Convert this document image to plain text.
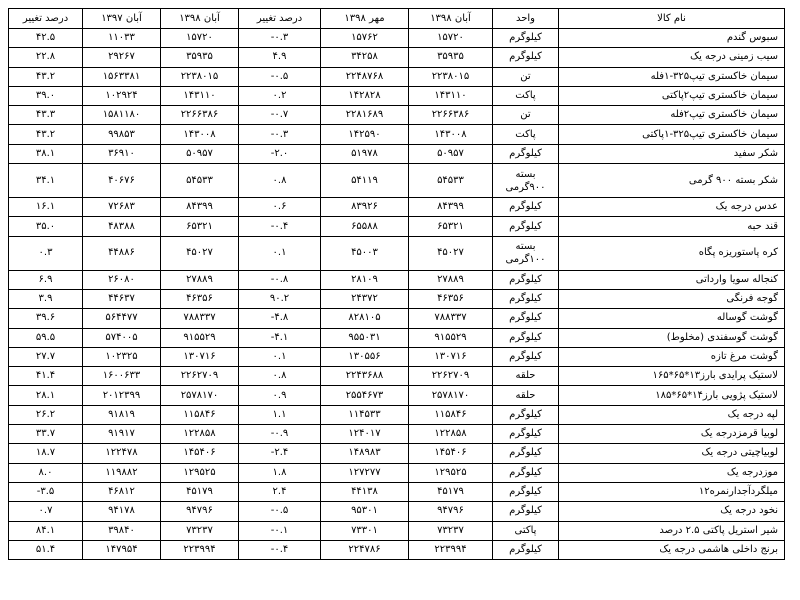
درصد تغییر	آبان ۱۳۹۷	آبان ۱۳۹۸	درصد تغییر	مهر ۱۳۹۸	آبان ۱۳۹۸	واحد	نام کالا
۴۲.۵	۱۱۰۳۳	۱۵۷۲۰	-۰.۳	۱۵۷۶۲	۱۵۷۲۰	کیلوگرم	سبوس گندم
۲۲.۸	۲۹۲۶۷	۳۵۹۳۵	۴.۹	۳۴۲۵۸	۳۵۹۳۵	کیلوگرم	سیب زمینی درجه یک
۴۳.۲	۱۵۶۳۳۸۱	۲۲۳۸۰۱۵	-۰.۵	۲۲۴۸۷۶۸	۲۲۳۸۰۱۵	تن	سیمان خاکستری تیپ۳۲۵-۱فله
۳۹.۰	۱۰۲۹۲۴	۱۴۳۱۱۰	۰.۲	۱۴۲۸۲۸	۱۴۳۱۱۰	پاکت	سیمان خاکستری تیپ۲پاکتی
۴۳.۳	۱۵۸۱۱۸۰	۲۲۶۶۳۸۶	-۰.۷	۲۲۸۱۶۸۹	۲۲۶۶۳۸۶	تن	سیمان خاکستری تیپ۲فله
۴۳.۲	۹۹۸۵۳	۱۴۳۰۰۸	-۰.۳	۱۴۲۵۹۰	۱۴۳۰۰۸	پاکت	سیمان خاکستری تیپ۳۲۵-۱پاکتی
۳۸.۱	۳۶۹۱۰	۵۰۹۵۷	-۲.۰	۵۱۹۷۸	۵۰۹۵۷	کیلوگرم	شکر سفید
۳۴.۱	۴۰۶۷۶	۵۴۵۳۳	۰.۸	۵۴۱۱۹	۵۴۵۳۳	بسته ۹۰۰گرمی	شکر بسته ۹۰۰ گرمی
۱۶.۱	۷۲۶۸۳	۸۴۳۹۹	۰.۶	۸۳۹۲۶	۸۴۳۹۹	کیلوگرم	عدس درجه یک
۳۵.۰	۴۸۳۸۸	۶۵۳۲۱	-۰.۴	۶۵۵۸۸	۶۵۳۲۱	کیلوگرم	قند حبه
۰.۳	۴۴۸۸۶	۴۵۰۲۷	۰.۱	۴۵۰۰۳	۴۵۰۲۷	بسته ۱۰۰گرمی	کره پاستوریزه پگاه
۶.۹	۲۶۰۸۰	۲۷۸۸۹	-۰.۸	۲۸۱۰۹	۲۷۸۸۹	کیلوگرم	کنجاله سویا وارداتی
۳.۹	۴۴۶۳۷	۴۶۳۵۶	۹۰.۲	۲۴۳۷۲	۴۶۳۵۶	کیلوگرم	گوجه فرنگی
۳۹.۶	۵۶۴۴۷۷	۷۸۸۳۳۷	-۴.۸	۸۲۸۱۰۵	۷۸۸۳۳۷	کیلوگرم	گوشت گوساله
۵۹.۵	۵۷۴۰۰۵	۹۱۵۵۲۹	-۴.۱	۹۵۵۰۳۱	۹۱۵۵۲۹	کیلوگرم	گوشت گوسفندی (مخلوط)
۲۷.۷	۱۰۲۳۲۵	۱۳۰۷۱۶	۰.۱	۱۳۰۵۵۶	۱۳۰۷۱۶	کیلوگرم	گوشت مرغ تازه
۴۱.۴	۱۶۰۰۶۳۳	۲۲۶۲۷۰۹	۰.۸	۲۲۴۳۶۸۸	۲۲۶۲۷۰۹	حلقه	لاستیک پرایدی بارز۱۳*۶۵*۱۶۵
۲۸.۱	۲۰۱۲۳۹۹	۲۵۷۸۱۷۰	۰.۹	۲۵۵۴۶۷۳	۲۵۷۸۱۷۰	حلقه	لاستیک پژویی بارز۱۴*۶۵*۱۸۵
۲۶.۲	۹۱۸۱۹	۱۱۵۸۴۶	۱.۱	۱۱۴۵۳۳	۱۱۵۸۴۶	کیلوگرم	لپه درجه یک
۳۳.۷	۹۱۹۱۷	۱۲۲۸۵۸	-۰.۹	۱۲۴۰۱۷	۱۲۲۸۵۸	کیلوگرم	لوبیا قرمزدرجه یک
۱۸.۷	۱۲۲۴۷۸	۱۴۵۴۰۶	-۲.۴	۱۴۸۹۸۳	۱۴۵۴۰۶	کیلوگرم	لوبیاچیتی درجه یک
۸.۰	۱۱۹۸۸۲	۱۲۹۵۲۵	۱.۸	۱۲۷۲۷۷	۱۲۹۵۲۵	کیلوگرم	موزدرجه یک
-۳.۵	۴۶۸۱۲	۴۵۱۷۹	۲.۴	۴۴۱۳۸	۴۵۱۷۹	کیلوگرم	میلگردآجدارنمره۱۲
۰.۷	۹۴۱۷۸	۹۴۷۹۶	-۰.۵	۹۵۳۰۱	۹۴۷۹۶	کیلوگرم	نخود درجه یک
۸۴.۱	۳۹۸۴۰	۷۳۲۳۷	-۰.۱	۷۳۳۰۱	۷۳۲۳۷	پاکتی	شیر استریل پاکتی ۲.۵ درصد
۵۱.۴	۱۴۷۹۵۴	۲۲۳۹۹۴	-۰.۴	۲۲۴۷۸۶	۲۲۳۹۹۴	کیلوگرم	برنج داخلی هاشمی درجه یک
